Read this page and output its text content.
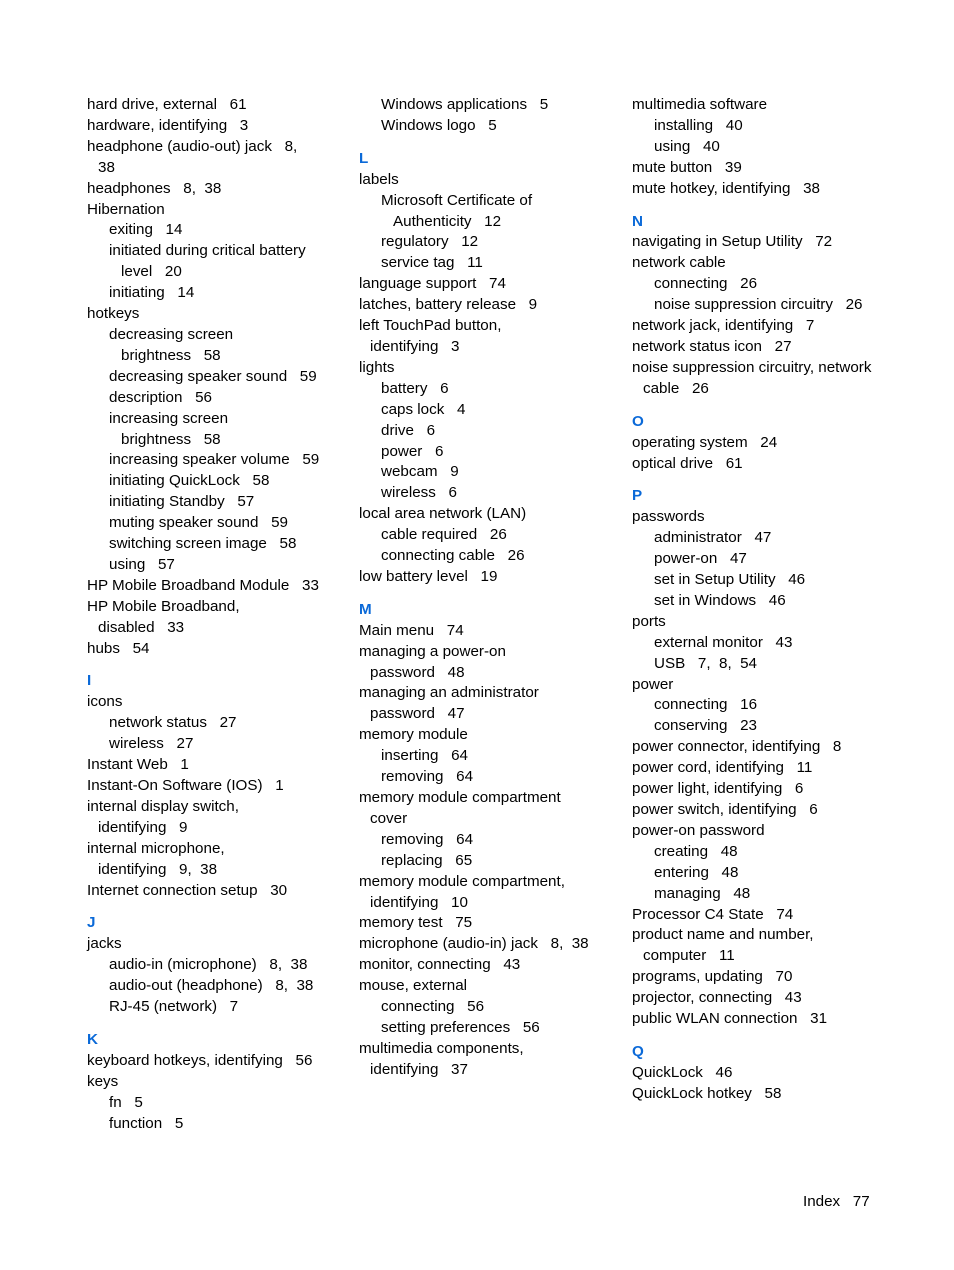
hard drive, external   61
hardware, identifying   3
headphone (audio-out) jack   8,
38
headphones   8,  38
Hibernation
exiting   14
initiated during critical battery
level   20
initiating   14
hotkeys
decreasing screen
brightness   58
decreasing speaker sound   59
description   56
increasing screen
brightness   58
increasing speaker volume   59
initiating QuickLock   58
initiating Standby   57
muting speaker sound   59
switching screen image   58
using   57
HP Mobile Broadband Module   33
HP Mobile Broadband,
disabled   33
hubs   54
I
icons
network status   27
wireless   27
Instant Web   1
Instant-On Software (IOS)   1
internal display switch,
identifying   9
internal microphone,
identifying   9,  38
Internet connection setup   30
J
jacks
audio-in (microphone)   8,  38
audio-out (headphone)   8,  38
RJ-45 (network)   7
K
keyboard hotkeys, identifying   56
keys
fn   5
function   5
Windows applications   5
Windows logo   5
L
labels
Microsoft Certificate of
Authenticity   12
regulatory   12
service tag   11
language support   74
latches, battery release   9
left TouchPad button,
identifying   3
lights
battery   6
caps lock   4
drive   6
power   6
webcam   9
wireless   6
local area network (LAN)
cable required   26
connecting cable   26
low battery level   19
M
Main menu   74
managing a power-on
password   48
managing an administrator
password   47
memory module
inserting   64
removing   64
memory module compartment
cover
removing   64
replacing   65
memory module compartment,
identifying   10
memory test   75
microphone (audio-in) jack   8,  38
monitor, connecting   43
mouse, external
connecting   56
setting preferences   56
multimedia components,
identifying   37
multimedia software
installing   40
using   40
mute button   39
mute hotkey, identifying   38
N
navigating in Setup Utility   72
network cable
connecting   26
noise suppression circuitry   26
network jack, identifying   7
network status icon   27
noise suppression circuitry, network
cable   26
O
operating system   24
optical drive   61
P
passwords
administrator   47
power-on   47
set in Setup Utility   46
set in Windows   46
ports
external monitor   43
USB   7,  8,  54
power
connecting   16
conserving   23
power connector, identifying   8
power cord, identifying   11
power light, identifying   6
power switch, identifying   6
power-on password
creating   48
entering   48
managing   48
Processor C4 State   74
product name and number,
computer   11
programs, updating   70
projector, connecting   43
public WLAN connection   31
Q
QuickLock   46
QuickLock hotkey   58
Index   77
